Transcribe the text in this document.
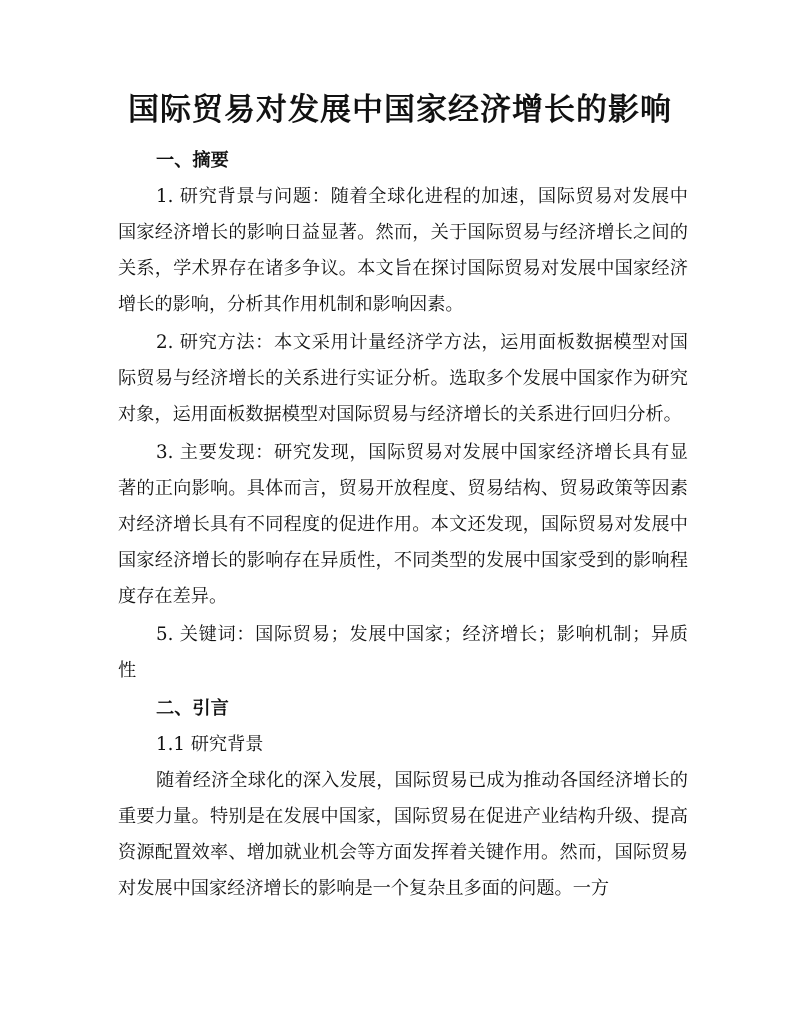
国际贸易对发展中国家经济增长的影响

一、摘要

1. 研究背景与问题：随着全球化进程的加速，国际贸易对发展中国家经济增长的影响日益显著。然而，关于国际贸易与经济增长之间的关系，学术界存在诸多争议。本文旨在探讨国际贸易对发展中国家经济增长的影响，分析其作用机制和影响因素。

2. 研究方法：本文采用计量经济学方法，运用面板数据模型对国际贸易与经济增长的关系进行实证分析。选取多个发展中国家作为研究对象，运用面板数据模型对国际贸易与经济增长的关系进行回归分析。

3. 主要发现：研究发现，国际贸易对发展中国家经济增长具有显著的正向影响。具体而言，贸易开放程度、贸易结构、贸易政策等因素对经济增长具有不同程度的促进作用。本文还发现，国际贸易对发展中国家经济增长的影响存在异质性，不同类型的发展中国家受到的影响程度存在差异。

5. 关键词：国际贸易；发展中国家；经济增长；影响机制；异质性

二、引言

1.1 研究背景

随着经济全球化的深入发展，国际贸易已成为推动各国经济增长的重要力量。特别是在发展中国家，国际贸易在促进产业结构升级、提高资源配置效率、增加就业机会等方面发挥着关键作用。然而，国际贸易对发展中国家经济增长的影响是一个复杂且多面的问题。一方
